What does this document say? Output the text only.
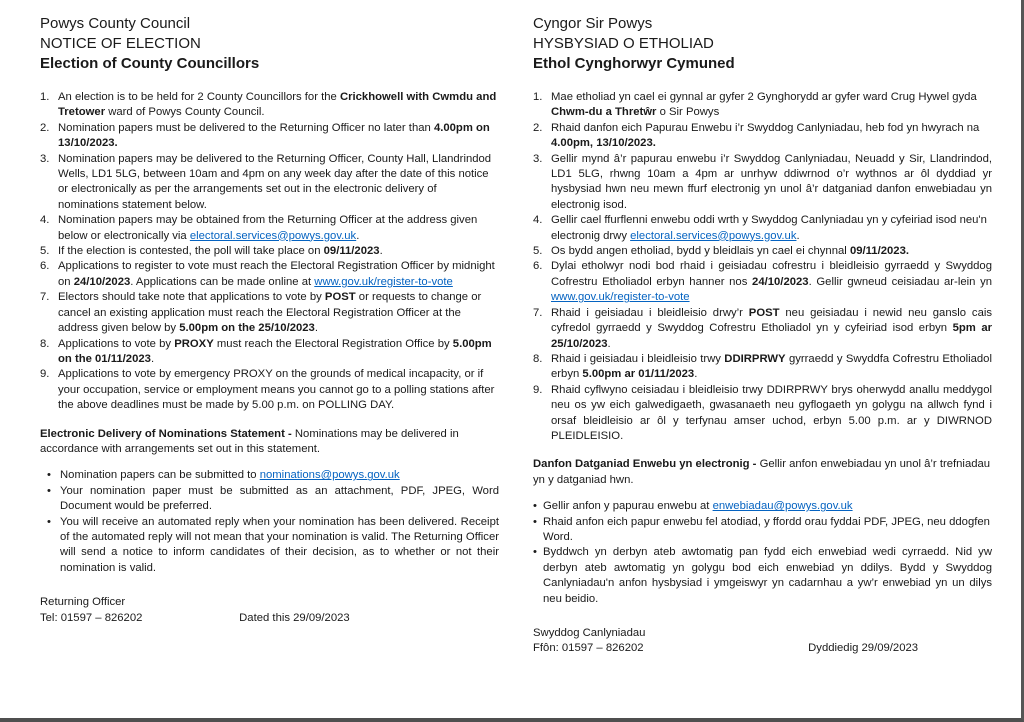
Powys County Council
NOTICE OF ELECTION
Election of County Councillors
1. An election is to be held for 2 County Councillors for the Crickhowell with Cwmdu and Tretower ward of Powys County Council.
2. Nomination papers must be delivered to the Returning Officer no later than 4.00pm on 13/10/2023.
3. Nomination papers may be delivered to the Returning Officer, County Hall, Llandrindod Wells, LD1 5LG, between 10am and 4pm on any week day after the date of this notice or electronically as per the arrangements set out in the electronic delivery of nominations statement below.
4. Nomination papers may be obtained from the Returning Officer at the address given below or electronically via electoral.services@powys.gov.uk.
5. If the election is contested, the poll will take place on 09/11/2023.
6. Applications to register to vote must reach the Electoral Registration Officer by midnight on 24/10/2023. Applications can be made online at www.gov.uk/register-to-vote
7. Electors should take note that applications to vote by POST or requests to change or cancel an existing application must reach the Electoral Registration Officer at the address given below by 5.00pm on the 25/10/2023.
8. Applications to vote by PROXY must reach the Electoral Registration Office by 5.00pm on the 01/11/2023.
9. Applications to vote by emergency PROXY on the grounds of medical incapacity, or if your occupation, service or employment means you cannot go to a polling stations after the above deadlines must be made by 5.00 p.m. on POLLING DAY.

Electronic Delivery of Nominations Statement - Nominations may be delivered in accordance with arrangements set out in this statement.

• Nomination papers can be submitted to nominations@powys.gov.uk
• Your nomination paper must be submitted as an attachment, PDF, JPEG, Word Document would be preferred.
• You will receive an automated reply when your nomination has been delivered. Receipt of the automated reply will not mean that your nomination is valid. The Returning Officer will send a notice to inform candidates of their decision, as to whether or not their nomination is valid.
Returning Officer
Tel: 01597 – 826202	Dated this 29/09/2023
Cyngor Sir Powys
HYSBYSIAD O ETHOLIAD
Ethol Cynghorwyr Cymuned
1. Mae etholiad yn cael ei gynnal ar gyfer 2 Gynghorydd ar gyfer ward Crug Hywel gyda Chwm-du a Thretŵr o Sir Powys
2. Rhaid danfon eich Papurau Enwebu i’r Swyddog Canlyniadau, heb fod yn hwyrach na 4.00pm, 13/10/2023.
3. Gellir mynd â’r papurau enwebu i’r Swyddog Canlyniadau, Neuadd y Sir, Llandrindod, LD1 5LG, rhwng 10am a 4pm ar unrhyw ddiwrnod o’r wythnos ar ôl dyddiad yr hysbysiad hwn neu mewn ffurf electronig yn unol â’r datganiad danfon enwebiadau yn electronig isod.
4. Gellir cael ffurflenni enwebu oddi wrth y Swyddog Canlyniadau yn y cyfeiriad isod neu'n electronig drwy electoral.services@powys.gov.uk.
5. Os bydd angen etholiad, bydd y bleidlais yn cael ei chynnal 09/11/2023.
6. Dylai etholwyr nodi bod rhaid i geisiadau cofrestru i bleidleisio gyrraedd y Swyddog Cofrestru Etholiadol erbyn hanner nos 24/10/2023. Gellir gwneud ceisiadau ar-lein yn www.gov.uk/register-to-vote
7. Rhaid i geisiadau i bleidleisio drwy’r POST neu geisiadau i newid neu ganslo cais cyfredol gyrraedd y Swyddog Cofrestru Etholiadol yn y cyfeiriad isod erbyn 5pm ar 25/10/2023.
8. Rhaid i geisiadau i bleidleisio trwy DDIRPRWY gyrraedd y Swyddfa Cofrestru Etholiadol erbyn 5.00pm ar 01/11/2023.
9. Rhaid cyflwyno ceisiadau i bleidleisio trwy DDIRPRWY brys oherwydd anallu meddygol neu os yw eich galwedigaeth, gwasanaeth neu gyflogaeth yn golygu na allwch fynd i orsaf bleidleisio ar ôl y terfynau amser uchod, erbyn 5.00 p.m. ar y DIWRNOD PLEIDLEISIO.

Danfon Datganiad Enwebu yn electronig - Gellir anfon enwebiadau yn unol â’r trefniadau yn y datganiad hwn.

• Gellir anfon y papurau enwebu at enwebiadau@powys.gov.uk
• Rhaid anfon eich papur enwebu fel atodiad, y ffordd orau fyddai PDF, JPEG, neu ddogfen Word.
• Byddwch yn derbyn ateb awtomatig pan fydd eich enwebiad wedi cyrraedd. Nid yw derbyn ateb awtomatig yn golygu bod eich enwebiad yn ddilys. Bydd y Swyddog Canlyniadau'n anfon hysbysiad i ymgeiswyr yn cadarnhau a yw’r enwebiad yn un dilys neu beidio.
Swyddog Canlyniadau
Ffôn: 01597 – 826202	Dyddiedig 29/09/2023
